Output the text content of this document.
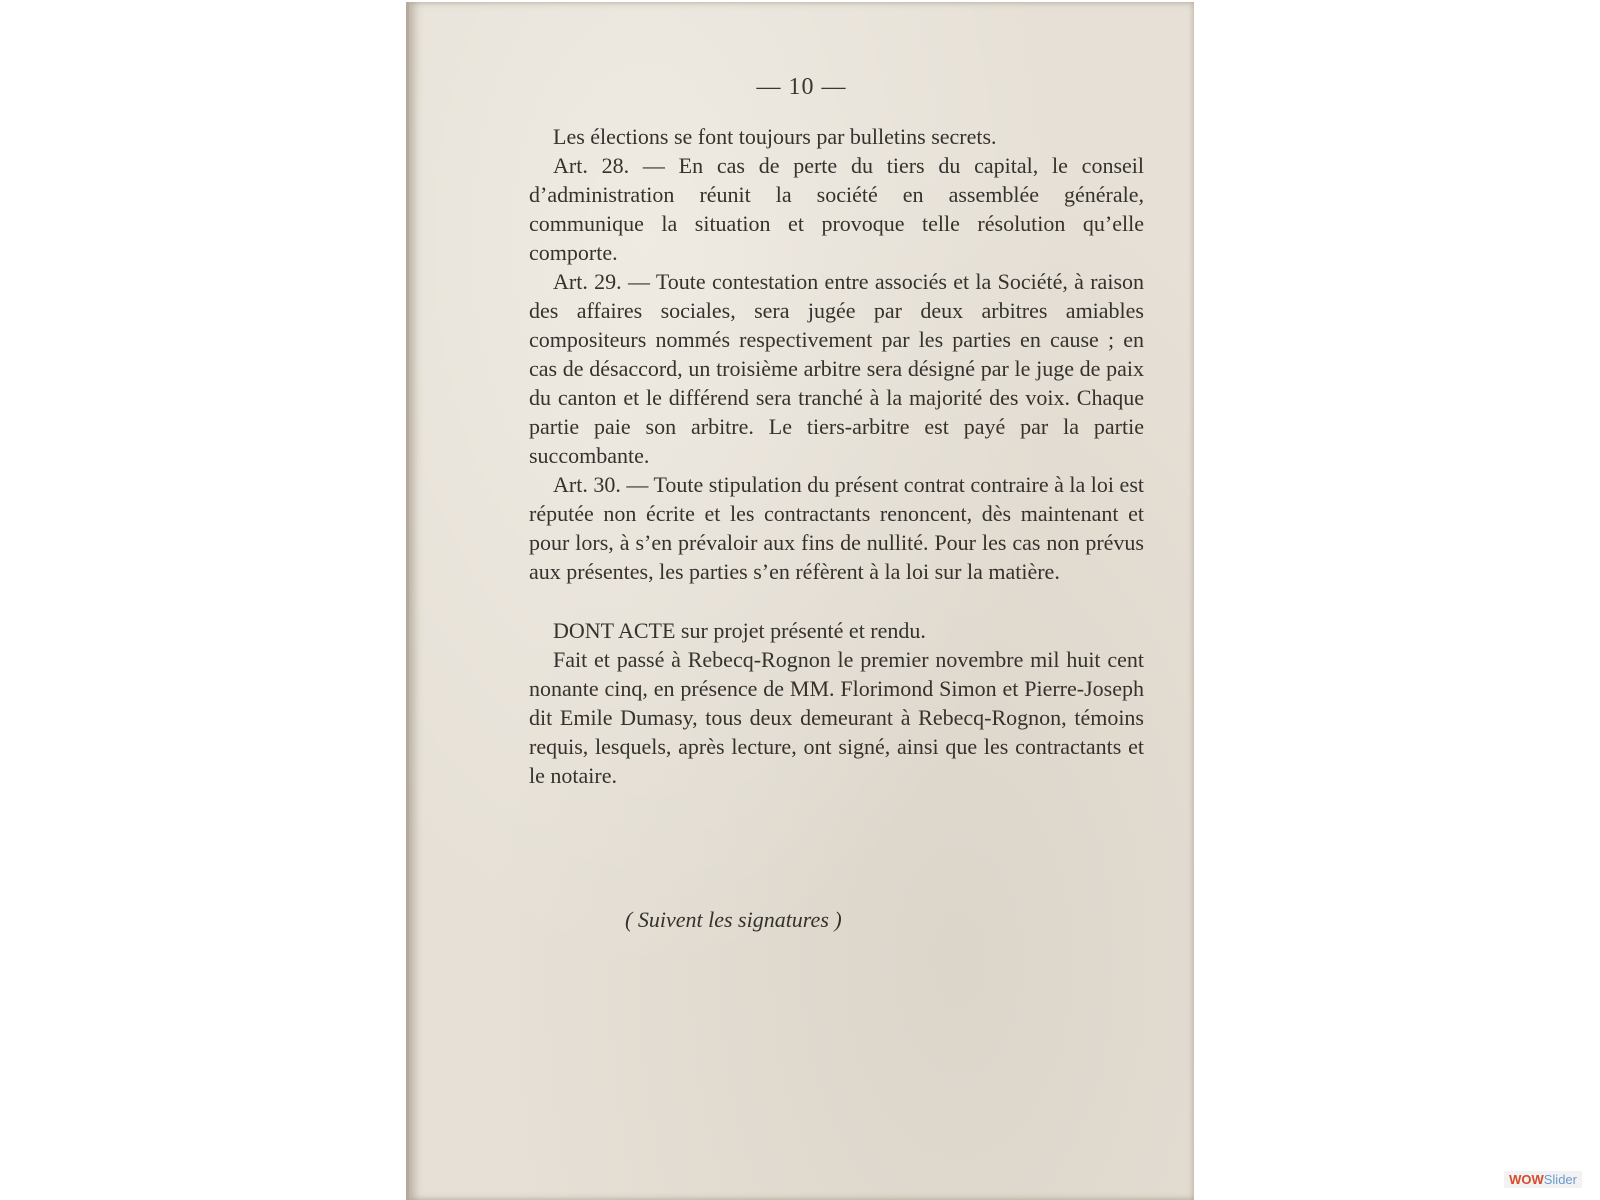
— 10 —

Les élections se font toujours par bulletins secrets.

Art. 28. — En cas de perte du tiers du capital, le conseil d’administration réunit la société en assemblée générale, communique la situation et provoque telle résolution qu’elle comporte.

Art. 29. — Toute contestation entre associés et la Société, à raison des affaires sociales, sera jugée par deux arbitres amiables compositeurs nommés respectivement par les parties en cause ; en cas de désaccord, un troisième arbitre sera désigné par le juge de paix du canton et le différend sera tranché à la majorité des voix. Chaque partie paie son arbitre. Le tiers-arbitre est payé par la partie succombante.

Art. 30. — Toute stipulation du présent contrat contraire à la loi est réputée non écrite et les contractants renoncent, dès maintenant et pour lors, à s’en prévaloir aux fins de nullité. Pour les cas non prévus aux présentes, les parties s’en réfèrent à la loi sur la matière.

DONT ACTE sur projet présenté et rendu.

Fait et passé à Rebecq-Rognon le premier novembre mil huit cent nonante cinq, en présence de MM. Florimond Simon et Pierre-Joseph dit Emile Dumasy, tous deux demeurant à Rebecq-Rognon, témoins requis, lesquels, après lecture, ont signé, ainsi que les contractants et le notaire.

( Suivent les signatures )
WOWSlider
